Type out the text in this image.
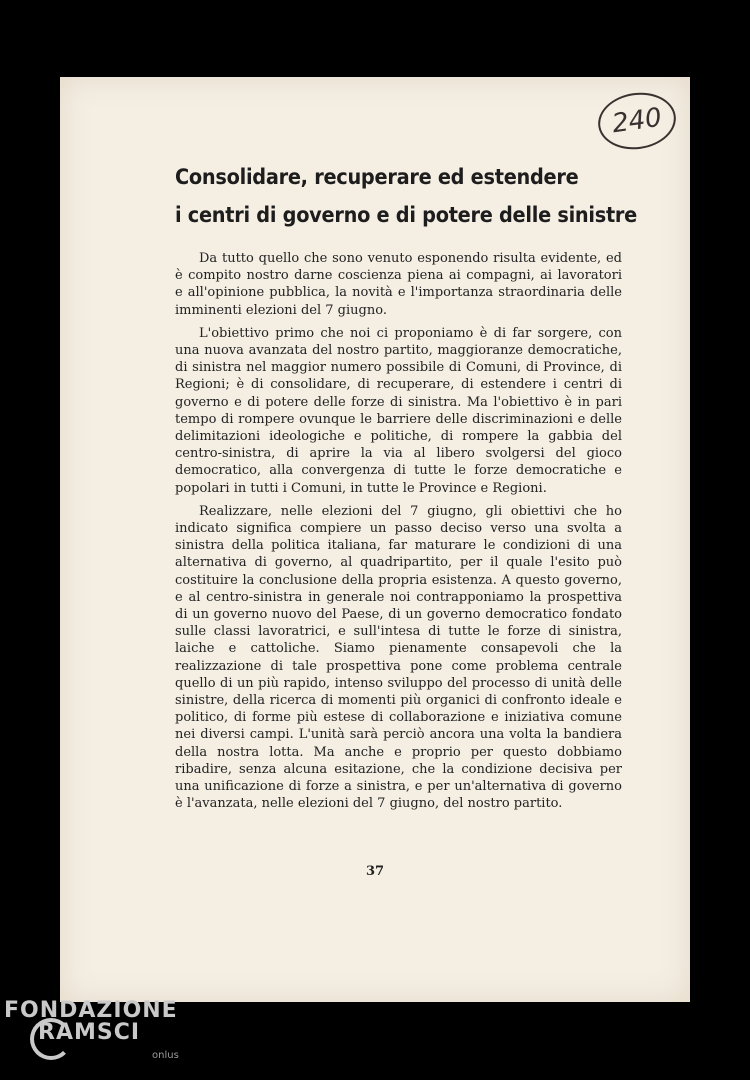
240
Consolidare, recuperare ed estendere
i centri di governo e di potere delle sinistre

Da tutto quello che sono venuto esponendo risulta evidente, ed è compito nostro darne coscienza piena ai compagni, ai lavoratori e all'opinione pubblica, la novità e l'importanza straordinaria delle imminenti elezioni del 7 giugno.

L'obiettivo primo che noi ci proponiamo è di far sorgere, con una nuova avanzata del nostro partito, maggioranze democratiche, di sinistra nel maggior numero possibile di Comuni, di Province, di Regioni; è di consolidare, di recuperare, di estendere i centri di governo e di potere delle forze di sinistra. Ma l'obiettivo è in pari tempo di rompere ovunque le barriere delle discriminazioni e delle delimitazioni ideologiche e politiche, di rompere la gabbia del centro-sinistra, di aprire la via al libero svolgersi del gioco democratico, alla convergenza di tutte le forze democratiche e popolari in tutti i Comuni, in tutte le Province e Regioni.

Realizzare, nelle elezioni del 7 giugno, gli obiettivi che ho indicato significa compiere un passo deciso verso una svolta a sinistra della politica italiana, far maturare le condizioni di una alternativa di governo, al quadripartito, per il quale l'esito può costituire la conclusione della propria esistenza. A questo governo, e al centro-sinistra in generale noi contrapponiamo la prospettiva di un governo nuovo del Paese, di un governo democratico fondato sulle classi lavoratrici, e sull'intesa di tutte le forze di sinistra, laiche e cattoliche. Siamo pienamente consapevoli che la realizzazione di tale prospettiva pone come problema centrale quello di un più rapido, intenso sviluppo del processo di unità delle sinistre, della ricerca di momenti più organici di confronto ideale e politico, di forme più estese di collaborazione e iniziativa comune nei diversi campi. L'unità sarà perciò ancora una volta la bandiera della nostra lotta. Ma anche e proprio per questo dobbiamo ribadire, senza alcuna esitazione, che la condizione decisiva per una unificazione di forze a sinistra, e per un'alternativa di governo è l'avanzata, nelle elezioni del 7 giugno, del nostro partito.

37
FONDAZIONE
RAMSCI
onlus
